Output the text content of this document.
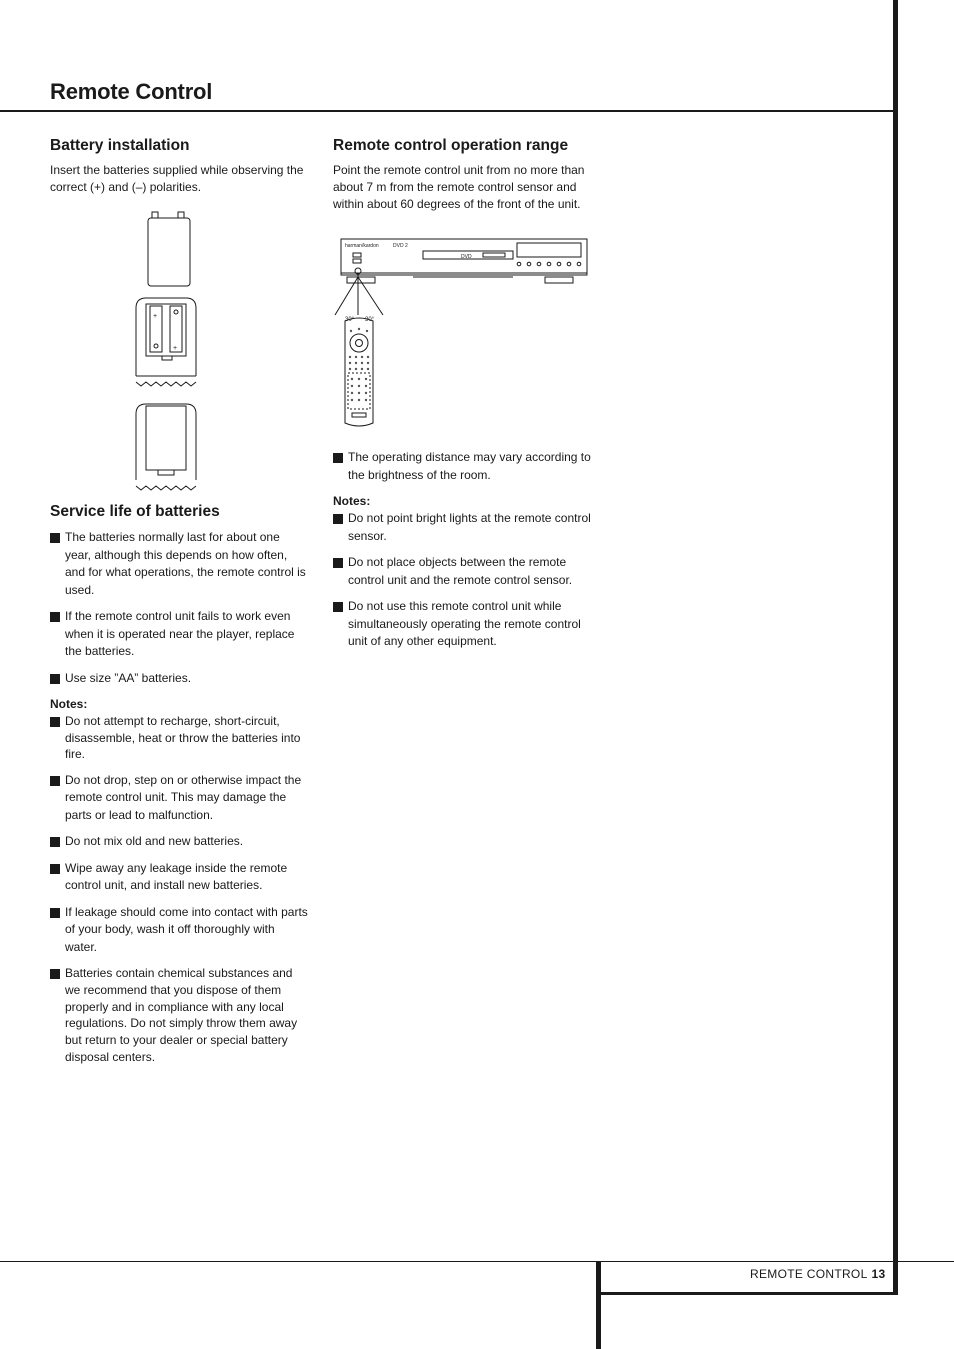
Remote Control
Battery installation

Insert the batteries supplied while observing the correct (+) and (–) polarities.

+
+
Service life of batteries
The batteries normally last for about one year, although this depends on how often, and for what operations, the remote control is used.
If the remote control unit fails to work even when it is operated near the player, replace the batteries.
Use size ”AA” batteries.
Notes:
Do not attempt to recharge, short-circuit, disassemble, heat or throw the batteries into fire.
Do not drop, step on or otherwise impact the remote control unit. This may damage the parts or lead to malfunction.
Do not mix old and new batteries.
Wipe away any leakage inside the remote control unit, and install new batteries.
If leakage should come into contact with parts of your body, wash it off thoroughly with water.
Batteries contain chemical substances and we recommend that you dispose of them properly and in compliance with any local regulations. Do not simply throw them away but return to your dealer or special battery disposal centers.
Remote control operation range

Point the remote control unit from no more than about 7 m from the remote control sensor and within about 60 degrees of the front of the unit.

harman/kardon	DVD 2
DVD
30° 30°
The operating distance may vary according to the brightness of the room.
Notes:
Do not point bright lights at the remote control sensor.
Do not place objects between the remote control unit and the remote control sensor.
Do not use this remote control unit while simultaneously operating the remote control unit of any other equipment.
REMOTE CONTROL 13
